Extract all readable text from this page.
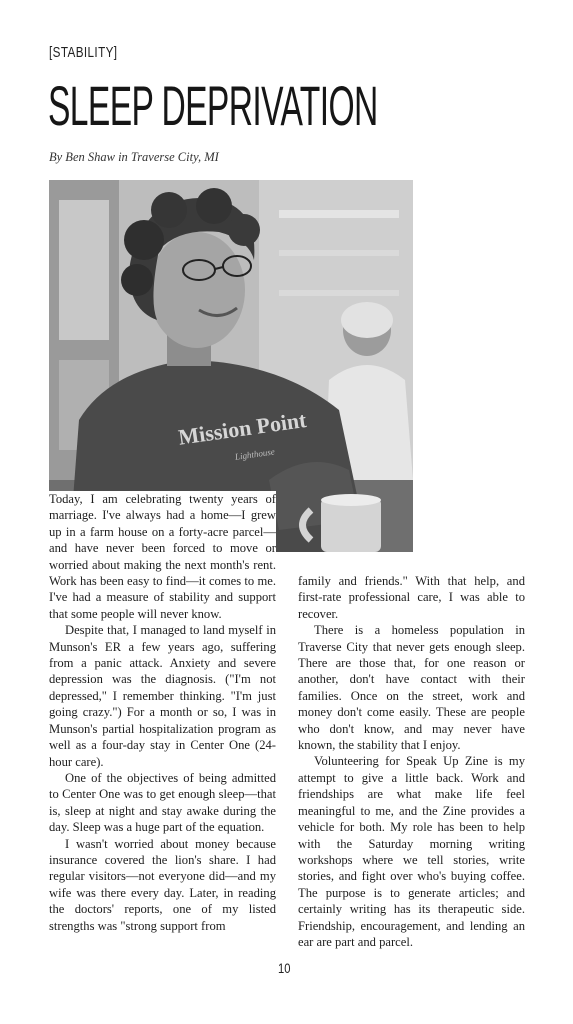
[STABILITY]
SLEEP DEPRIVATION
By Ben Shaw in Traverse City, MI
Mission Point
Lighthouse

Today, I am celebrating twenty years of marriage. I've always had a home—I grew up in a farm house on a forty-acre parcel—and have never been forced to move or worried about making the next month's rent. Work has been easy to find—it comes to me. I've had a measure of stability and support that some people will never know.

Despite that, I managed to land myself in Munson's ER a few years ago, suffering from a panic attack. Anxiety and severe depression was the diagnosis. ("I'm not depressed," I remember thinking. "I'm just going crazy.") For a month or so, I was in Munson's partial hospitalization program as well as a four-day stay in Center One (24-hour care).

One of the objectives of being admitted to Center One was to get enough sleep—that is, sleep at night and stay awake during the day. Sleep was a huge part of the equation.

I wasn't worried about money because insurance covered the lion's share. I had regular visitors—not everyone did—and my wife was there every day. Later, in reading the doctors' reports, one of my listed strengths was "strong support from

family and friends." With that help, and first-rate professional care, I was able to recover.

There is a homeless population in Traverse City that never gets enough sleep. There are those that, for one reason or another, don't have contact with their families. Once on the street, work and money don't come easily. These are people who don't know, and may never have known, the stability that I enjoy.

Volunteering for Speak Up Zine is my attempt to give a little back. Work and friendships are what make life feel meaningful to me, and the Zine provides a vehicle for both. My role has been to help with the Saturday morning writing workshops where we tell stories, write stories, and fight over who's buying coffee. The purpose is to generate articles; and certainly writing has its therapeutic side. Friendship, encouragement, and lending an ear are part and parcel.

10
